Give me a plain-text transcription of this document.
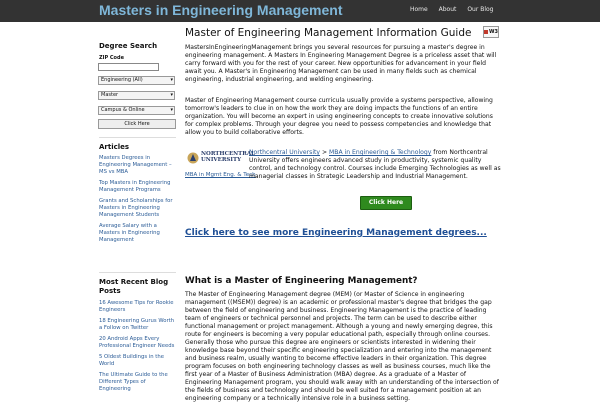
Masters in Engineering Management	Home About Our Blog
Degree Search
ZIP Code
Engineering (All)	▾
Master	▾
Campus & Online	▾
Click Here
Articles
Masters Degrees in Engineering Management – MS vs MBA
Top Masters in Engineering Management Programs
Grants and Scholarships for Masters in Engineering Management Students
Average Salary with a Masters in Engineering Management
Most Recent Blog Posts
16 Awesome Tips for Rookie Engineers
18 Engineering Gurus Worth a Follow on Twitter
20 Android Apps Every Professional Engineer Needs
5 Oldest Buildings in the World
The Ultimate Guide to the Different Types of Engineering
Master of Engineering Management Information Guide	W3
MastersInEngineeringManagement brings you several resources for pursuing a master's degree in engineering management. A Masters In Engineering Management Degree is a priceless asset that will carry forward with you for the rest of your career. New opportunities for advancement in your field await you. A Master's in Engineering Management can be used in many fields such as chemical engineering, industrial engineering, and welding engineering.
Master of Engineering Management course curricula usually provide a systems perspective, allowing tomorrow's leaders to clue in on how the work they are doing impacts the functions of an entire organization. You will become an expert in using engineering concepts to create innovative solutions for complex problems. Through your degree you need to possess competencies and knowledge that allow you to build collaborative efforts.
NORTHCENTRAL
UNIVERSITY
MBA in Mgmt Eng. & Tech
Northcentral University > MBA in Engineering & Technology from Northcentral University offers engineers advanced study in productivity, systemic quality control, and technology control. Courses include Emerging Technologies as well as managerial classes in Strategic Leadership and Industrial Management.
Click Here
Click here to see more Engineering Management degrees...
What is a Master of Engineering Management?
The Master of Engineering Management degree (MEM) (or Master of Science in engineering management ((MSEM)) degree) is an academic or professional master's degree that bridges the gap between the field of engineering and business. Engineering Management is the practice of leading team of engineers or technical personnel and projects. The term can be used to describe either functional management or project management. Although a young and newly emerging degree, this route for engineers is becoming a very popular educational path, especially through online courses. Generally those who pursue this degree are engineers or scientists interested in widening their knowledge base beyond their specific engineering specialization and entering into the management and business realm, usually wanting to become effective leaders in their organization. This degree program focuses on both engineering technology classes as well as business courses, much like the first year of a Master of Business Administration (MBA) degree. As a graduate of a Master of Engineering Management program, you should walk away with an understanding of the intersection of the fields of business and technology and should be well suited for a management position at an engineering company or a technically intensive role in a business setting.
